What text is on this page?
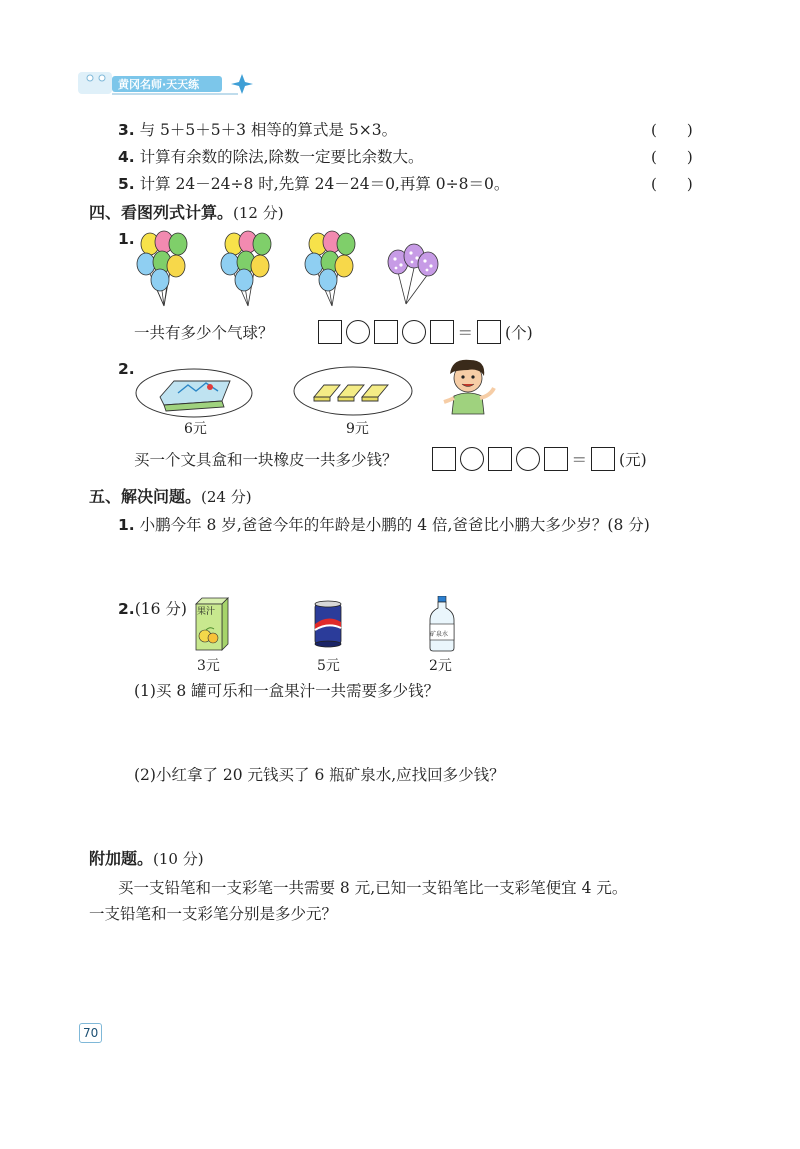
黄冈名师·天天练
3. 与 5＋5＋5＋3 相等的算式是 5×3。	(　　)
4. 计算有余数的除法,除数一定要比余数大。	(　　)
5. 计算 24－24÷8 时,先算 24－24＝0,再算 0÷8＝0。	(　　)
四、看图列式计算。(12 分)
1.
一共有多少个气球？	＝ (个)
2.
6元	9元
买一个文具盒和一块橡皮一共多少钱？	＝ (元)
五、解决问题。(24 分)
1. 小鹏今年 8 岁,爸爸今年的年龄是小鹏的 4 倍,爸爸比小鹏大多少岁？(8 分)
2.(16 分) 果汁
3元	5元
矿泉水
2元
(1)买 8 罐可乐和一盒果汁一共需要多少钱？
(2)小红拿了 20 元钱买了 6 瓶矿泉水,应找回多少钱？
附加题。(10 分)
买一支铅笔和一支彩笔一共需要 8 元,已知一支铅笔比一支彩笔便宜 4 元。
一支铅笔和一支彩笔分别是多少元？
70
